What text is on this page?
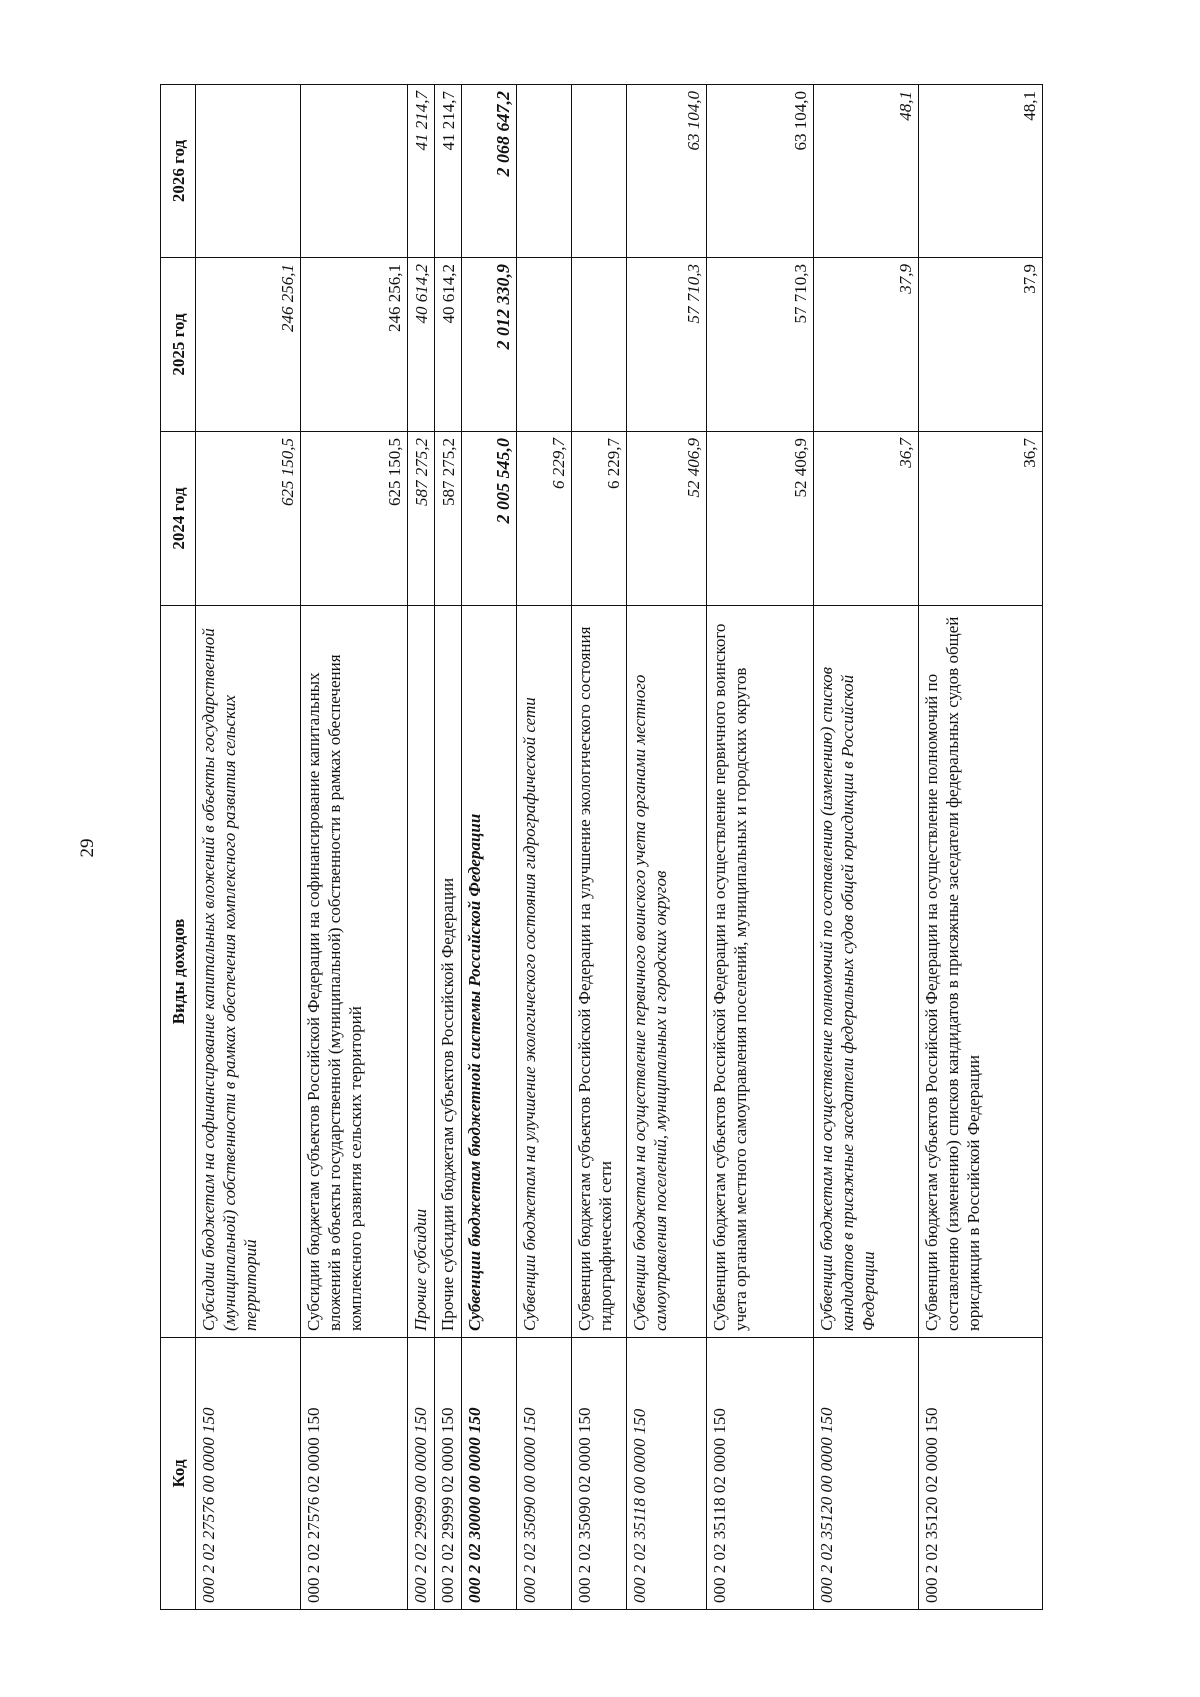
29
Код	Виды доходов	2024 год	2025 год	2026 год
000 2 02 27576 00 0000 150	Субсидии бюджетам на софинансирование капитальных вложений в объекты государственной (муниципальной) собственности в рамках обеспечения комплексного развития сельских территорий	625 150,5	246 256,1	
000 2 02 27576 02 0000 150	Субсидии бюджетам субъектов Российской Федерации на софинансирование капитальных вложений в объекты государственной (муниципальной) собственности в рамках обеспечения комплексного развития сельских территорий	625 150,5	246 256,1	
000 2 02 29999 00 0000 150	Прочие субсидии	587 275,2	40 614,2	41 214,7
000 2 02 29999 02 0000 150	Прочие субсидии бюджетам субъектов Российской Федерации	587 275,2	40 614,2	41 214,7
000 2 02 30000 00 0000 150	Субвенции бюджетам бюджетной системы Российской Федерации	2 005 545,0	2 012 330,9	2 068 647,2
000 2 02 35090 00 0000 150	Субвенции бюджетам на улучшение экологического состояния гидрографической сети	6 229,7		
000 2 02 35090 02 0000 150	Субвенции бюджетам субъектов Российской Федерации на улучшение экологического состояния гидрографической сети	6 229,7		
000 2 02 35118 00 0000 150	Субвенции бюджетам на осуществление первичного воинского учета органами местного самоуправления поселений, муниципальных и городских округов	52 406,9	57 710,3	63 104,0
000 2 02 35118 02 0000 150	Субвенции бюджетам субъектов Российской Федерации на осуществление первичного воинского учета органами местного самоуправления поселений, муниципальных и городских округов	52 406,9	57 710,3	63 104,0
000 2 02 35120 00 0000 150	Субвенции бюджетам на осуществление полномочий по составлению (изменению) списков кандидатов в присяжные заседатели федеральных судов общей юрисдикции в Российской Федерации	36,7	37,9	48,1
000 2 02 35120 02 0000 150	Субвенции бюджетам субъектов Российской Федерации на осуществление полномочий по составлению (изменению) списков кандидатов в присяжные заседатели федеральных судов общей юрисдикции в Российской Федерации	36,7	37,9	48,1
